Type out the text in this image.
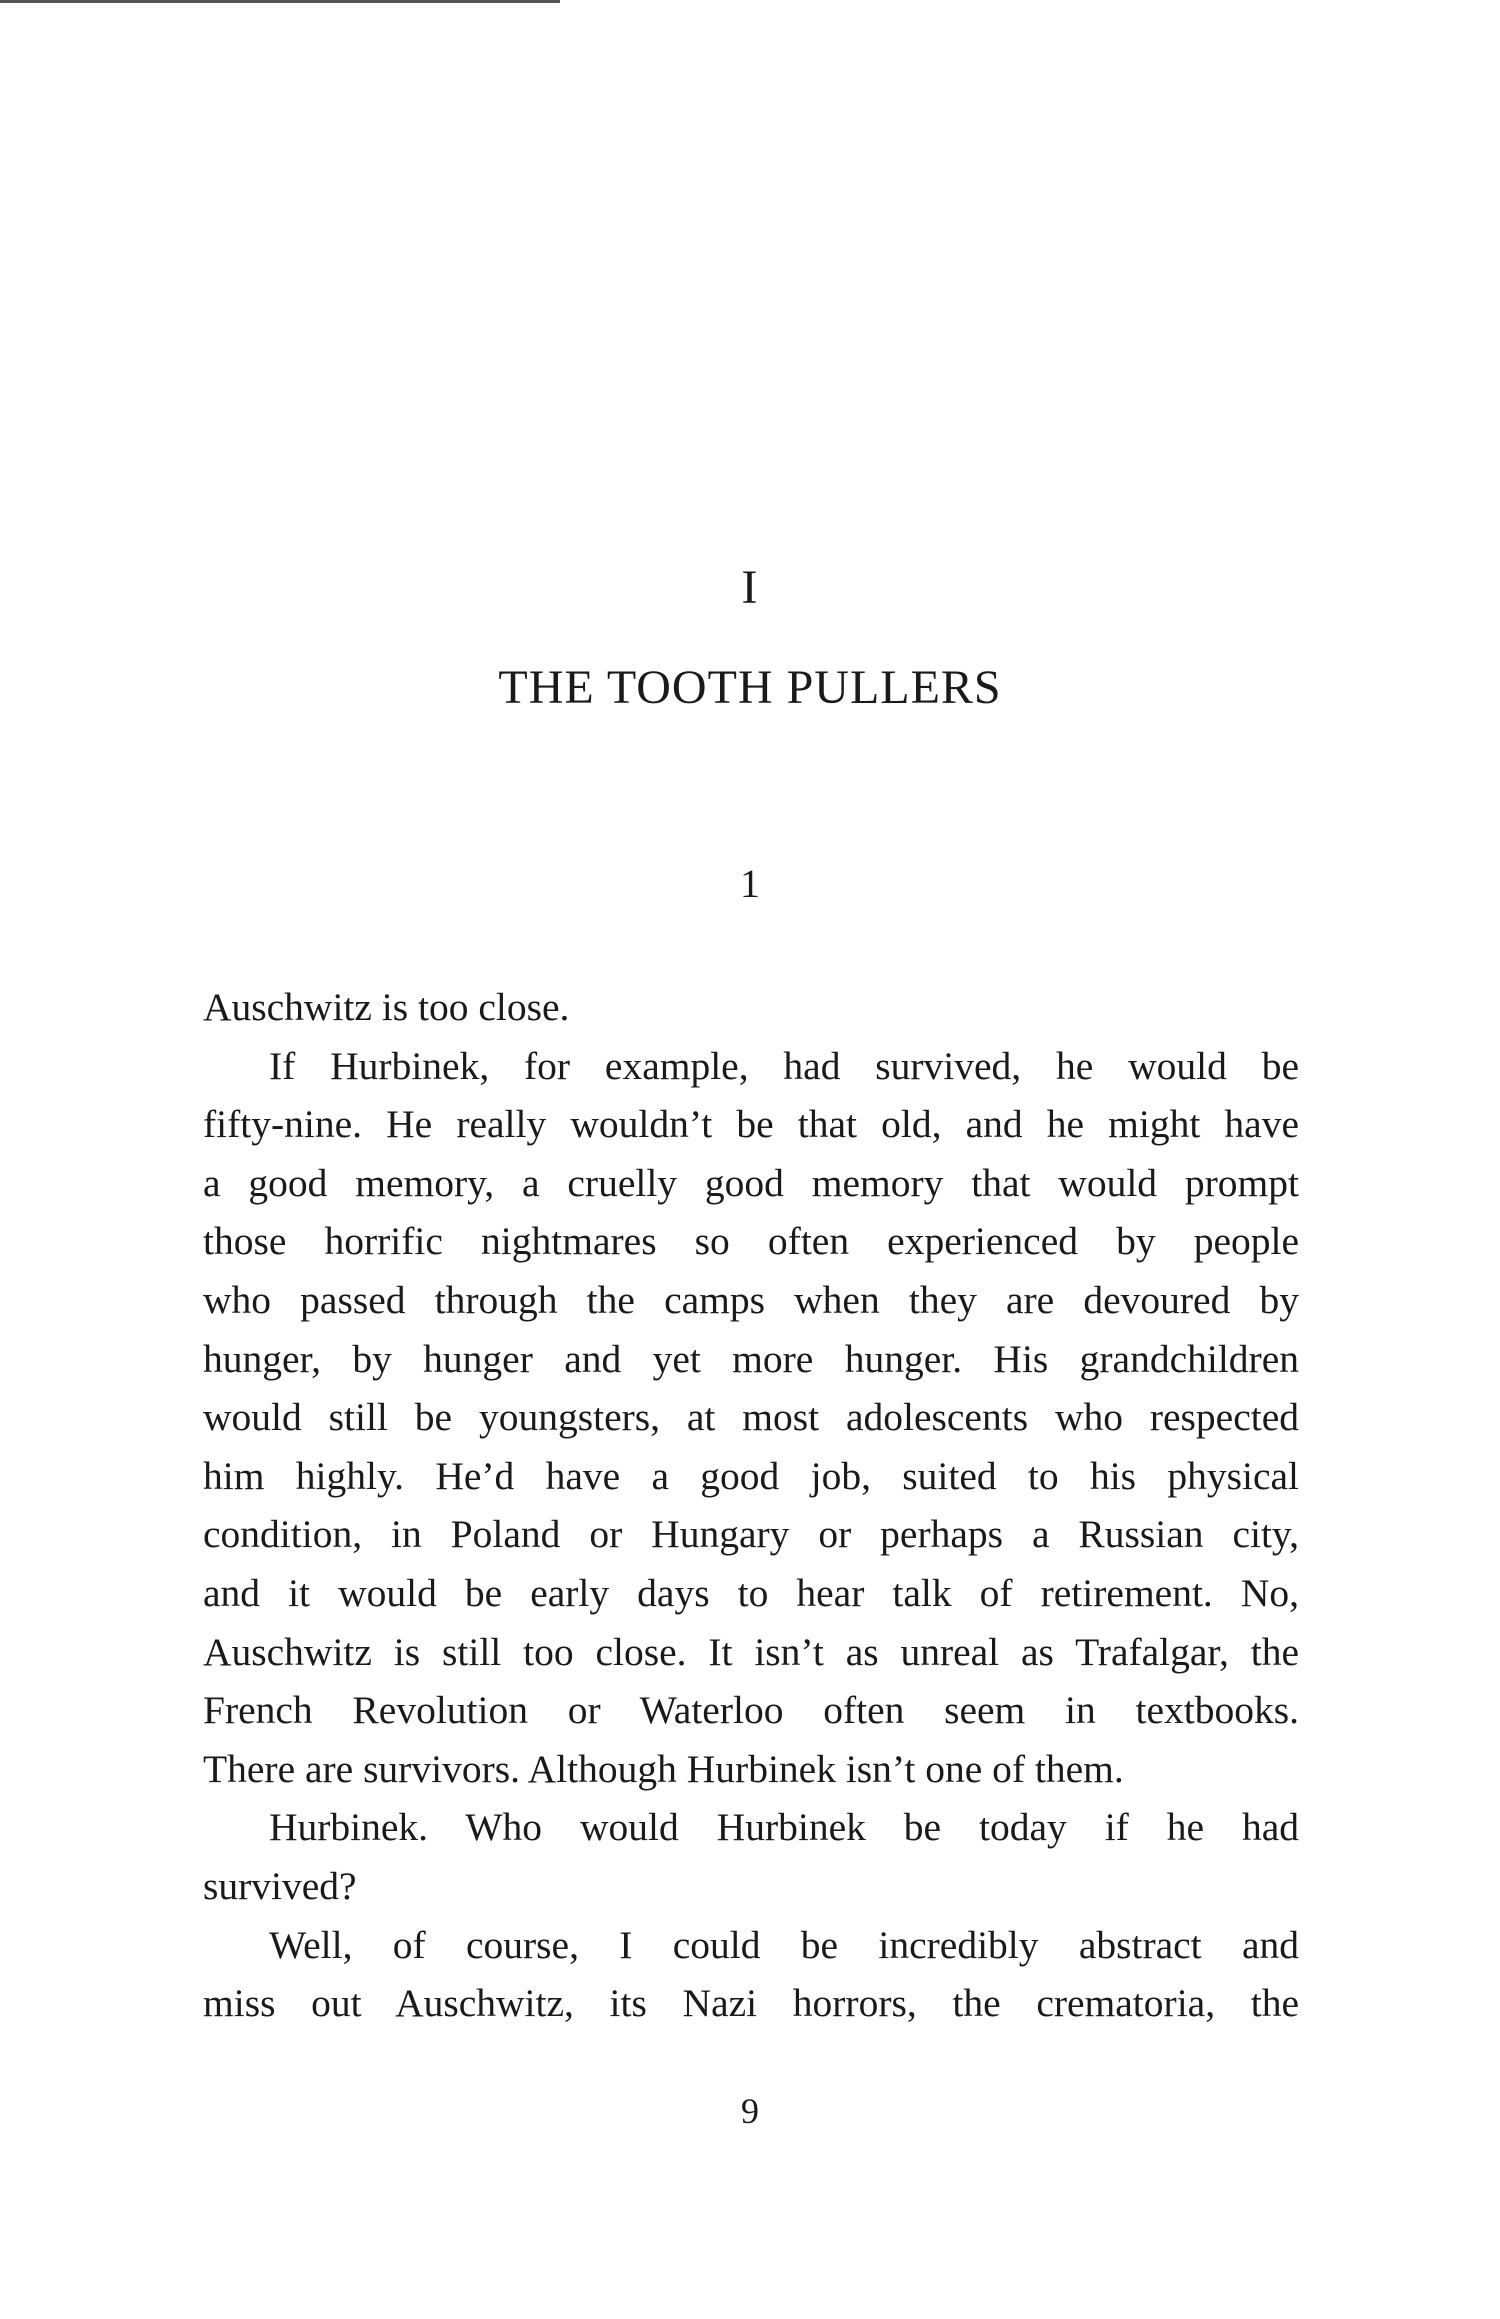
I
THE TOOTH PULLERS
1
Auschwitz is too close.
If Hurbinek, for example, had survived, he would be
fifty-nine. He really wouldn’t be that old, and he might have
a good memory, a cruelly good memory that would prompt
those horrific nightmares so often experienced by people
who passed through the camps when they are devoured by
hunger, by hunger and yet more hunger. His grandchildren
would still be youngsters, at most adolescents who respected
him highly. He’d have a good job, suited to his physical
condition, in Poland or Hungary or perhaps a Russian city,
and it would be early days to hear talk of retirement. No,
Auschwitz is still too close. It isn’t as unreal as Trafalgar, the
French Revolution or Waterloo often seem in textbooks.
There are survivors. Although Hurbinek isn’t one of them.
Hurbinek. Who would Hurbinek be today if he had
survived?
Well, of course, I could be incredibly abstract and
miss out Auschwitz, its Nazi horrors, the crematoria, the
9
